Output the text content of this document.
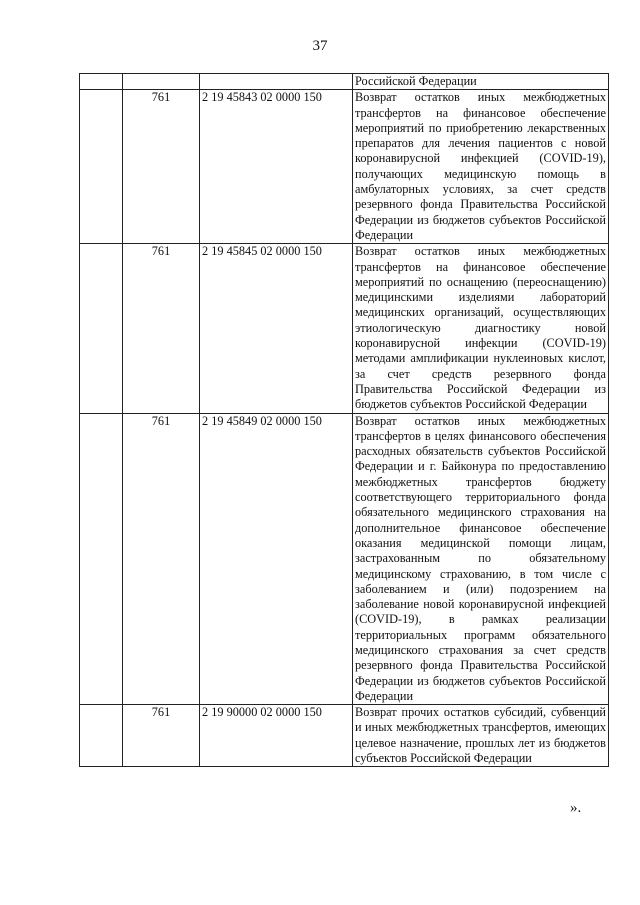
37
			Российской Федерации
	761	2 19 45843 02 0000 150	Возврат остатков иных межбюджетных трансфертов на финансовое обеспечение мероприятий по приобретению лекарственных препаратов для лечения пациентов с новой коронавирусной инфекцией (COVID-19), получающих медицинскую помощь в амбулаторных условиях, за счет средств резервного фонда Правительства Российской Федерации из бюджетов субъектов Российской Федерации
	761	2 19 45845 02 0000 150	Возврат остатков иных межбюджетных трансфертов на финансовое обеспечение мероприятий по оснащению (переоснащению) медицинскими изделиями лабораторий медицинских организаций, осуществляющих этиологическую диагностику новой коронавирусной инфекции (COVID-19) методами амплификации нуклеиновых кислот, за счет средств резервного фонда Правительства Российской Федерации из бюджетов субъектов Российской Федерации
	761	2 19 45849 02 0000 150	Возврат остатков иных межбюджетных трансфертов в целях финансового обеспечения расходных обязательств субъектов Российской Федерации и г. Байконура по предоставлению межбюджетных трансфертов бюджету соответствующего территориального фонда обязательного медицинского страхования на дополнительное финансовое обеспечение оказания медицинской помощи лицам, застрахованным по обязательному медицинскому страхованию, в том числе с заболеванием и (или) подозрением на заболевание новой коронавирусной инфекцией (COVID-19), в рамках реализации территориальных программ обязательного медицинского страхования за счет средств резервного фонда Правительства Российской Федерации из бюджетов субъектов Российской Федерации
	761	2 19 90000 02 0000 150	Возврат прочих остатков субсидий, субвенций и иных межбюджетных трансфертов, имеющих целевое назначение, прошлых лет из бюджетов субъектов Российской Федерации
».
